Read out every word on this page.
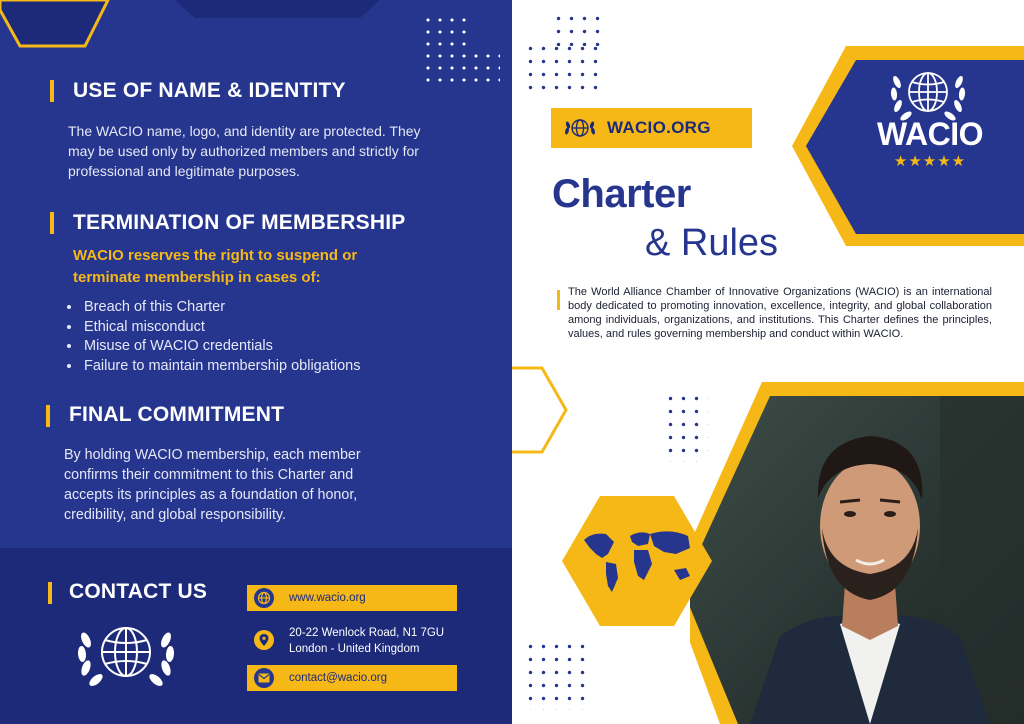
USE OF NAME & IDENTITY
The WACIO name, logo, and identity are protected. They may be used only by authorized members and strictly for professional and legitimate purposes.
TERMINATION OF MEMBERSHIP
WACIO reserves the right to suspend or terminate membership in cases of:
• Breach of this Charter
• Ethical misconduct
• Misuse of WACIO credentials
• Failure to maintain membership obligations
FINAL COMMITMENT
By holding WACIO membership, each member confirms their commitment to this Charter and accepts its principles as a foundation of honor, credibility, and global responsibility.
CONTACT US	www.wacio.org
20-22 Wenlock Road, N1 7GU
London - United Kingdom
contact@wacio.org
WACIO
★★★★★
WACIO.ORG
Charter
& Rules
The World Alliance Chamber of Innovative Organizations (WACIO) is an international body dedicated to promoting innovation, excellence, integrity, and global collaboration among individuals, organizations, and institutions. This Charter defines the principles, values, and rules governing membership and conduct within WACIO.
